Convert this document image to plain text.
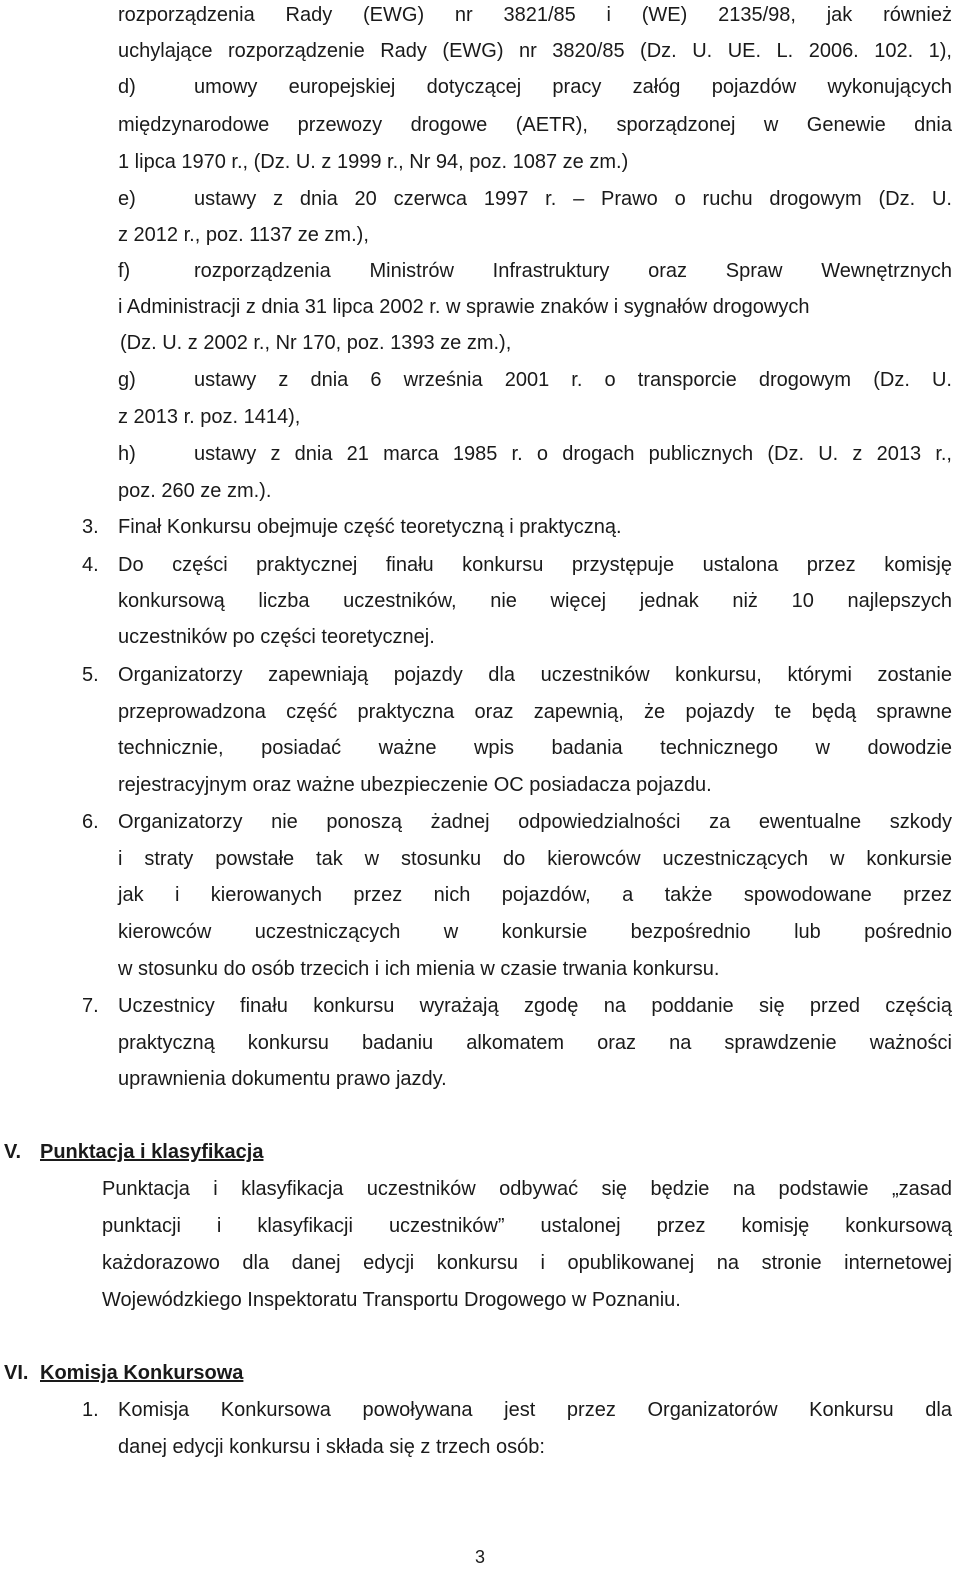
rozporządzenia Rady (EWG) nr 3821/85 i (WE) 2135/98, jak również
uchylające rozporządzenie Rady (EWG) nr 3820/85 (Dz. U. UE. L. 2006. 102. 1),
d)	umowy europejskiej dotyczącej pracy załóg pojazdów wykonujących
międzynarodowe przewozy drogowe (AETR), sporządzonej w Genewie dnia
1 lipca 1970 r., (Dz. U. z 1999 r., Nr 94, poz. 1087 ze zm.)
e)	ustawy z dnia 20 czerwca 1997 r. – Prawo o ruchu drogowym (Dz. U.
z 2012 r., poz. 1137 ze zm.),
f)	rozporządzenia Ministrów Infrastruktury oraz Spraw Wewnętrznych
i Administracji z dnia 31 lipca 2002 r. w sprawie znaków i sygnałów drogowych
(Dz. U. z 2002 r., Nr 170, poz. 1393 ze zm.),
g)	ustawy z dnia 6 września 2001 r. o transporcie drogowym (Dz. U.
z 2013 r. poz. 1414),
h)	ustawy z dnia 21 marca 1985 r. o drogach publicznych (Dz. U. z 2013 r.,
poz. 260 ze zm.).
3. Finał Konkursu obejmuje część teoretyczną i praktyczną.
4. Do części praktycznej finału konkursu przystępuje ustalona przez komisję
konkursową liczba uczestników, nie więcej jednak niż 10 najlepszych
uczestników po części teoretycznej.
5. Organizatorzy zapewniają pojazdy dla uczestników konkursu, którymi zostanie
przeprowadzona część praktyczna oraz zapewnią, że pojazdy te będą sprawne
technicznie, posiadać ważne wpis badania technicznego w dowodzie
rejestracyjnym oraz ważne ubezpieczenie OC posiadacza pojazdu.
6. Organizatorzy nie ponoszą żadnej odpowiedzialności za ewentualne szkody
i straty powstałe tak w stosunku do kierowców uczestniczących w konkursie
jak i kierowanych przez nich pojazdów, a także spowodowane przez
kierowców uczestniczących w konkursie bezpośrednio lub pośrednio
w stosunku do osób trzecich i ich mienia w czasie trwania konkursu.
7. Uczestnicy finału konkursu wyrażają zgodę na poddanie się przed częścią
praktyczną konkursu badaniu alkomatem oraz na sprawdzenie ważności
uprawnienia dokumentu prawo jazdy.
V. Punktacja i klasyfikacja
Punktacja i klasyfikacja uczestników odbywać się będzie na podstawie „zasad
punktacji i klasyfikacji uczestników” ustalonej przez komisję konkursową
każdorazowo dla danej edycji konkursu i opublikowanej na stronie internetowej
Wojewódzkiego Inspektoratu Transportu Drogowego w Poznaniu.
VI. Komisja Konkursowa
1. Komisja Konkursowa powoływana jest przez Organizatorów Konkursu dla
danej edycji konkursu i składa się z trzech osób:
3
